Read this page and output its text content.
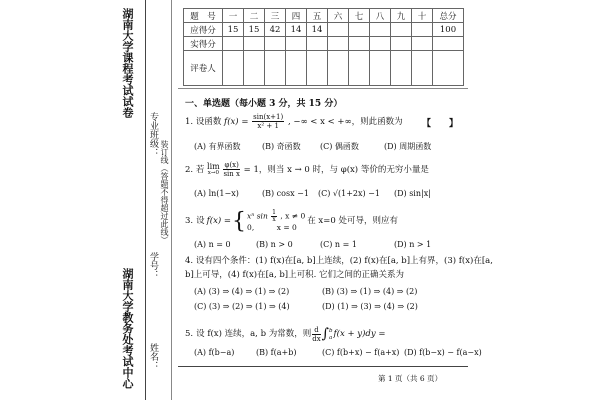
湖南大学课程考试试卷
湖南大学教务处考试中心
专业班级：
装订线（答题不得超过此线）
学号：
姓名：
题　号	一	二	三	四	五	六	七	八	九	十	总分
应得分	15	15	42	14	14						100
实得分											
评卷人											
一、单选题（每小题 3 分，共 15 分）
1. 设函数 $f(x) = \frac{\sin(x+1)}{\text{x² + 1}}$ , −∞ < x < +∞，则此函数为 【　　】
(A) 有界函数	(B) 奇函数 (C) 偶函数	(D) 周期函数
2. 若 lim
x→0
$\frac{\varphi(x)}{\text{sin x}} = 1$，则当 x → 0 时，与 φ(x) 等价的无穷小量是
(A) ln(1−x)	(B) cosx −1 (C) √(1+2x) −1 (D) sin|x|
3. 设 f(x) = { xⁿ $\sin \frac{1}{x}$ , x ≠ 0
0,　　　x = 0
在 x=0 处可导，则应有
(A) n = 0	(B) n > 0	(C) n = 1	(D) n > 1
4. 设有四个条件：(1) f(x)在[a, b]上连续，(2) f(x)在[a, b]上有界，(3) f(x)在[a,
b]上可导，(4) f(x)在[a, b]上可积. 它们之间的正确关系为
(A) (3) ⇒ (4) ⇒ (1) ⇒ (2)	(B) (3) ⇒ (1) ⇒ (4) ⇒ (2)
(C) (3) ⇒ (2) ⇒ (1) ⇒ (4)	(D) (1) ⇒ (3) ⇒ (4) ⇒ (2)
5. 设 f(x) 连续，a, b 为常数，则 $\frac{d}{dx}$ ∫ b
a f(x + y)dy =
(A) f(b−a)	(B) f(a+b)	(C) f(b+x) − f(a+x) (D) f(b−x) − f(a−x)
第 1 页（共 6 页）
